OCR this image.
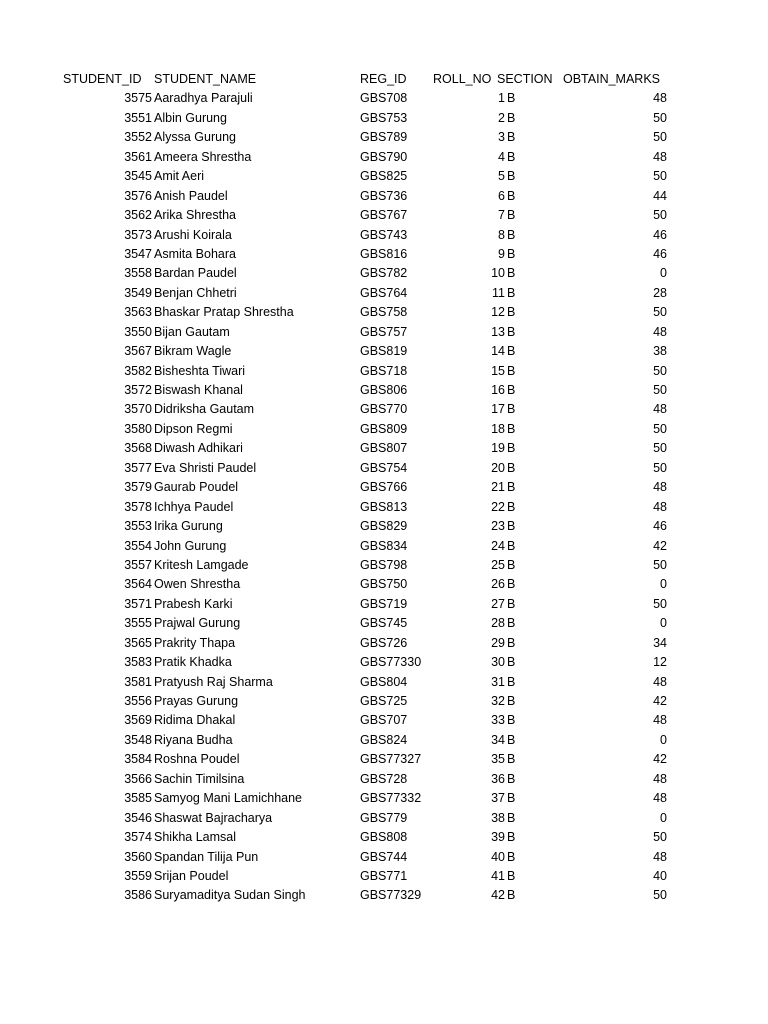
STUDENT_ID	STUDENT_NAME	REG_ID ROLL_NO SECTION OBTAIN_MARKS
3575 Aaradhya Parajuli	GBS708	1 B	48
3551 Albin Gurung	GBS753	2 B	50
3552 Alyssa Gurung	GBS789	3 B	50
3561 Ameera Shrestha	GBS790	4 B	48
3545 Amit Aeri	GBS825	5 B	50
3576 Anish Paudel	GBS736	6 B	44
3562 Arika Shrestha	GBS767	7 B	50
3573 Arushi Koirala	GBS743	8 B	46
3547 Asmita Bohara	GBS816	9 B	46
3558 Bardan Paudel	GBS782	10 B	0
3549 Benjan Chhetri	GBS764	11 B	28
3563 Bhaskar Pratap Shrestha	GBS758	12 B	50
3550 Bijan Gautam	GBS757	13 B	48
3567 Bikram Wagle	GBS819	14 B	38
3582 Bisheshta Tiwari	GBS718	15 B	50
3572 Biswash Khanal	GBS806	16 B	50
3570 Didriksha Gautam	GBS770	17 B	48
3580 Dipson Regmi	GBS809	18 B	50
3568 Diwash Adhikari	GBS807	19 B	50
3577 Eva Shristi Paudel	GBS754	20 B	50
3579 Gaurab Poudel	GBS766	21 B	48
3578 Ichhya Paudel	GBS813	22 B	48
3553 Irika Gurung	GBS829	23 B	46
3554 John Gurung	GBS834	24 B	42
3557 Kritesh Lamgade	GBS798	25 B	50
3564 Owen Shrestha	GBS750	26 B	0
3571 Prabesh Karki	GBS719	27 B	50
3555 Prajwal Gurung	GBS745	28 B	0
3565 Prakrity Thapa	GBS726	29 B	34
3583 Pratik Khadka	GBS77330	30 B	12
3581 Pratyush Raj Sharma	GBS804	31 B	48
3556 Prayas Gurung	GBS725	32 B	42
3569 Ridima Dhakal	GBS707	33 B	48
3548 Riyana Budha	GBS824	34 B	0
3584 Roshna Poudel	GBS77327	35 B	42
3566 Sachin Timilsina	GBS728	36 B	48
3585 Samyog Mani Lamichhane	GBS77332	37 B	48
3546 Shaswat Bajracharya	GBS779	38 B	0
3574 Shikha Lamsal	GBS808	39 B	50
3560 Spandan Tilija Pun	GBS744	40 B	48
3559 Srijan Poudel	GBS771	41 B	40
3586 Suryamaditya Sudan Singh	GBS77329	42 B	50
